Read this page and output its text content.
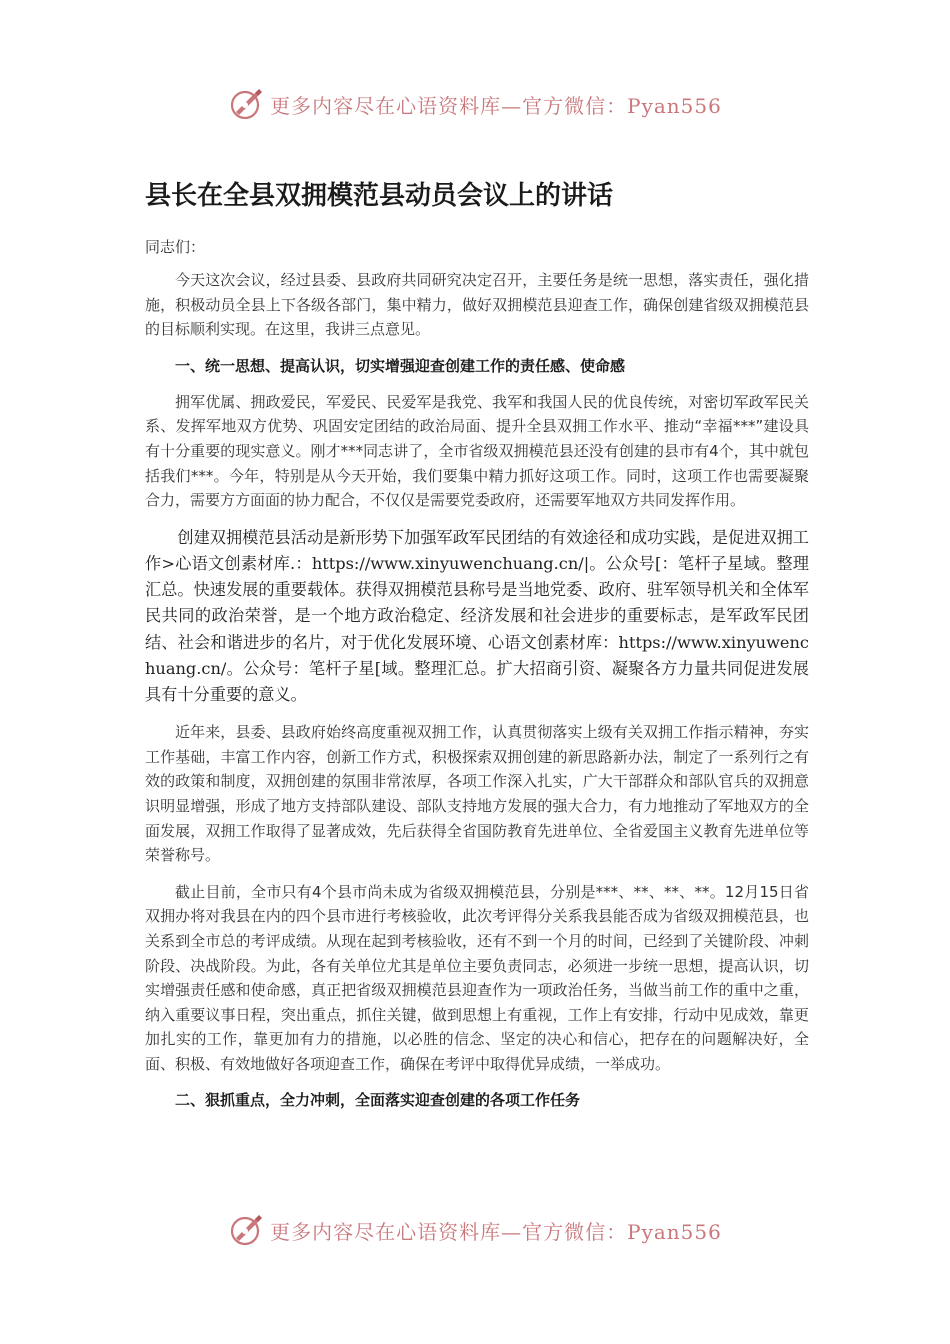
更多内容尽在心语资料库—官方微信：Pyan556
县长在全县双拥模范县动员会议上的讲话
同志们：

今天这次会议，经过县委、县政府共同研究决定召开，主要任务是统一思想，落实责任，强化措施，积极动员全县上下各级各部门，集中精力，做好双拥模范县迎查工作，确保创建省级双拥模范县的目标顺利实现。在这里，我讲三点意见。

一、统一思想、提高认识，切实增强迎查创建工作的责任感、使命感

拥军优属、拥政爱民，军爱民、民爱军是我党、我军和我国人民的优良传统，对密切军政军民关系、发挥军地双方优势、巩固安定团结的政治局面、提升全县双拥工作水平、推动“幸福***”建设具有十分重要的现实意义。刚才***同志讲了，全市省级双拥模范县还没有创建的县市有4个，其中就包括我们***。今年，特别是从今天开始，我们要集中精力抓好这项工作。同时，这项工作也需要凝聚合力，需要方方面面的协力配合，不仅仅是需要党委政府，还需要军地双方共同发挥作用。

创建双拥模范县活动是新形势下加强军政军民团结的有效途径和成功实践，是促进双拥工作>心语文创素材库.：https://www.xinyuwenchuang.cn/|。公众号[：笔杆子星域。整理汇总。快速发展的重要载体。获得双拥模范县称号是当地党委、政府、驻军领导机关和全体军民共同的政治荣誉，是一个地方政治稳定、经济发展和社会进步的重要标志，是军政军民团结、社会和谐进步的名片，对于优化发展环境、心语文创素材库：https://www.xinyuwenchuang.cn/。公众号：笔杆子星[域。整理汇总。扩大招商引资、凝聚各方力量共同促进发展具有十分重要的意义。

近年来，县委、县政府始终高度重视双拥工作，认真贯彻落实上级有关双拥工作指示精神，夯实工作基础，丰富工作内容，创新工作方式，积极探索双拥创建的新思路新办法，制定了一系列行之有效的政策和制度，双拥创建的氛围非常浓厚，各项工作深入扎实，广大干部群众和部队官兵的双拥意识明显增强，形成了地方支持部队建设、部队支持地方发展的强大合力，有力地推动了军地双方的全面发展，双拥工作取得了显著成效，先后获得全省国防教育先进单位、全省爱国主义教育先进单位等荣誉称号。

截止目前，全市只有4个县市尚未成为省级双拥模范县，分别是***、**、**、**。12月15日省双拥办将对我县在内的四个县市进行考核验收，此次考评得分关系我县能否成为省级双拥模范县，也关系到全市总的考评成绩。从现在起到考核验收，还有不到一个月的时间，已经到了关键阶段、冲刺阶段、决战阶段。为此，各有关单位尤其是单位主要负责同志，必须进一步统一思想，提高认识，切实增强责任感和使命感，真正把省级双拥模范县迎查作为一项政治任务，当做当前工作的重中之重，纳入重要议事日程，突出重点，抓住关键，做到思想上有重视，工作上有安排，行动中见成效，靠更加扎实的工作，靠更加有力的措施，以必胜的信念、坚定的决心和信心，把存在的问题解决好，全面、积极、有效地做好各项迎查工作，确保在考评中取得优异成绩，一举成功。

二、狠抓重点，全力冲刺，全面落实迎查创建的各项工作任务
更多内容尽在心语资料库—官方微信：Pyan556
